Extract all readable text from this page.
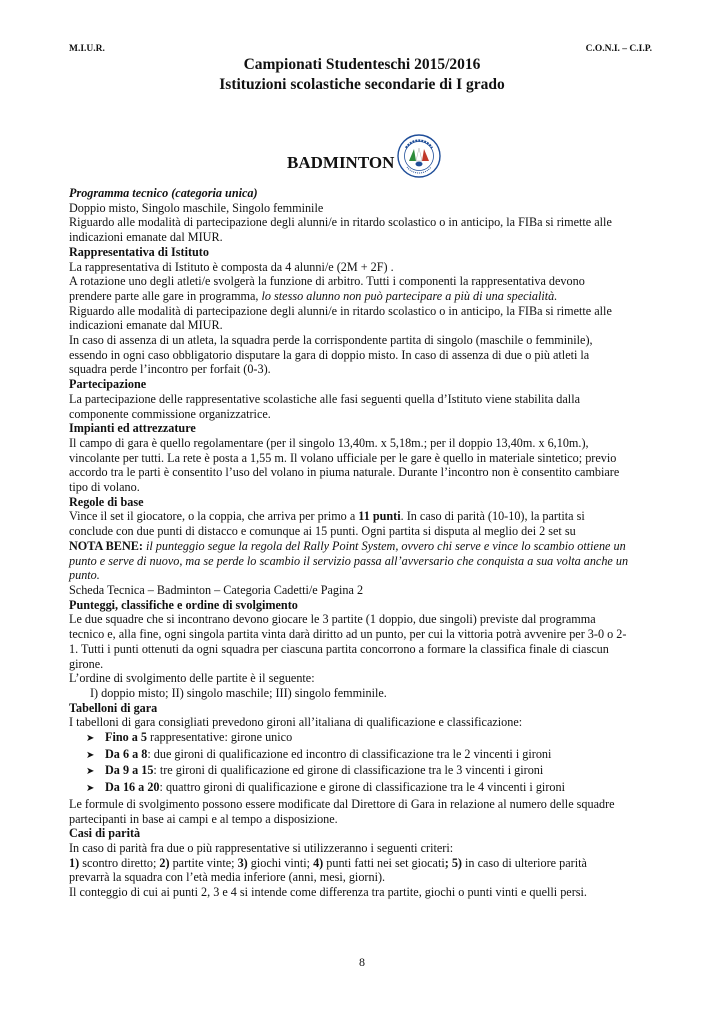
M.I.U.R.	C.O.N.I. – C.I.P.
Campionati Studenteschi 2015/2016
Istituzioni scolastiche secondarie di I grado
BADMINTON

Programma tecnico (categoria unica)

Doppio misto, Singolo maschile, Singolo femminile

Riguardo alle modalità di partecipazione degli alunni/e in ritardo scolastico o in anticipo, la FIBa si rimette alle indicazioni emanate dal MIUR.

Rappresentativa di Istituto

La rappresentativa di Istituto è composta da 4 alunni/e (2M + 2F) .

A rotazione uno degli atleti/e svolgerà la funzione di arbitro. Tutti i componenti la rappresentativa devono prendere parte alle gare in programma, lo stesso alunno non può partecipare a più di una specialità.

Riguardo alle modalità di partecipazione degli alunni/e in ritardo scolastico o in anticipo, la FIBa si rimette alle indicazioni emanate dal MIUR.

In caso di assenza di un atleta, la squadra perde la corrispondente partita di singolo (maschile o femminile), essendo in ogni caso obbligatorio disputare la gara di doppio misto. In caso di assenza di due o più atleti la squadra perde l’incontro per forfait (0-3).

Partecipazione

La partecipazione delle rappresentative scolastiche alle fasi seguenti quella d’Istituto viene stabilita dalla componente commissione organizzatrice.

Impianti ed attrezzature

Il campo di gara è quello regolamentare (per il singolo 13,40m. x 5,18m.; per il doppio 13,40m. x 6,10m.), vincolante per tutti. La rete è posta a 1,55 m. Il volano ufficiale per le gare è quello in materiale sintetico; previo accordo tra le parti è consentito l’uso del volano in piuma naturale. Durante l’incontro non è consentito cambiare tipo di volano.

Regole di base

Vince il set il giocatore, o la coppia, che arriva per primo a 11 punti. In caso di parità (10-10), la partita si conclude con due punti di distacco e comunque ai 15 punti. Ogni partita si disputa al meglio dei 2 set su

NOTA BENE: il punteggio segue la regola del Rally Point System, ovvero chi serve e vince lo scambio ottiene un punto e serve di nuovo, ma se perde lo scambio il servizio passa all’avversario che conquista a sua volta anche un punto.

Scheda Tecnica – Badminton – Categoria Cadetti/e Pagina 2

Punteggi, classifiche e ordine di svolgimento

Le due squadre che si incontrano devono giocare le 3 partite (1 doppio, due singoli) previste dal programma tecnico e, alla fine, ogni singola partita vinta darà diritto ad un punto, per cui la vittoria potrà avvenire per 3-0 o 2-1. Tutti i punti ottenuti da ogni squadra per ciascuna partita concorrono a formare la classifica finale di ciascun girone.

L’ordine di svolgimento delle partite è il seguente:

I) doppio misto; II) singolo maschile; III) singolo femminile.

Tabelloni di gara

I tabelloni di gara consigliati prevedono gironi all’italiana di qualificazione e classificazione:

➤ Fino a 5 rappresentative: girone unico
➤ Da 6 a 8: due gironi di qualificazione ed incontro di classificazione tra le 2 vincenti i gironi
➤ Da 9 a 15: tre gironi di qualificazione ed girone di classificazione tra le 3 vincenti i gironi
➤ Da 16 a 20: quattro gironi di qualificazione e girone di classificazione tra le 4 vincenti i gironi

Le formule di svolgimento possono essere modificate dal Direttore di Gara in relazione al numero delle squadre partecipanti in base ai campi e al tempo a disposizione.

Casi di parità

In caso di parità fra due o più rappresentative si utilizzeranno i seguenti criteri:

1) scontro diretto; 2) partite vinte; 3) giochi vinti; 4) punti fatti nei set giocati; 5) in caso di ulteriore parità prevarrà la squadra con l’età media inferiore (anni, mesi, giorni).

Il conteggio di cui ai punti 2, 3 e 4 si intende come differenza tra partite, giochi o punti vinti e quelli persi.

8
